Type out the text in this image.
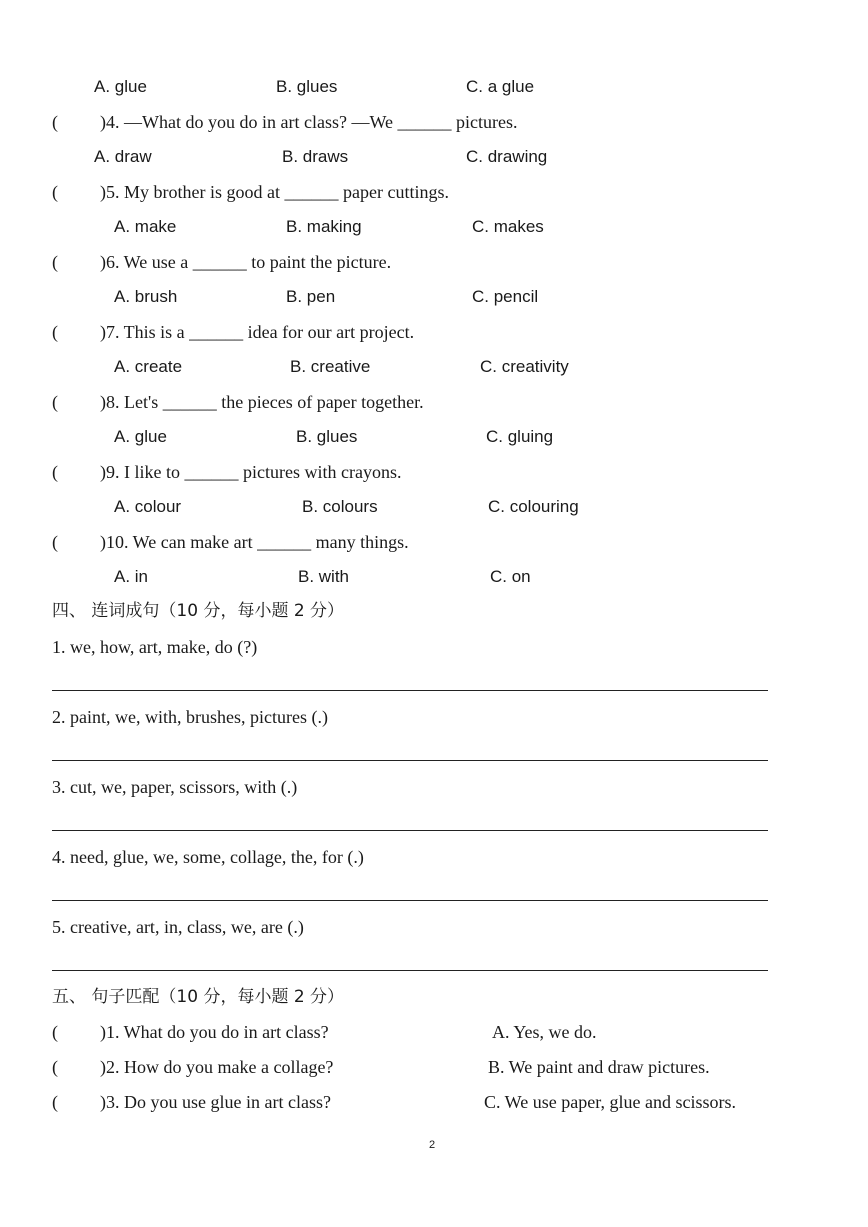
A. glue	B. glues	C. a glue
( )4. —What do you do in art class? —We ______ pictures.
A. draw	B. draws	C. drawing
( )5. My brother is good at ______ paper cuttings.
A. make	B. making	C. makes
( )6. We use a ______ to paint the picture.
A. brush	B. pen	C. pencil
( )7. This is a ______ idea for our art project.
A. create	B. creative	C. creativity
( )8. Let's ______ the pieces of paper together.
A. glue	B. glues	C. gluing
( )9. I like to ______ pictures with crayons.
A. colour	B. colours	C. colouring
( )10. We can make art ______ many things.
A. in	B. with	C. on
四、 连词成句（10 分，每小题 2 分）
1. we, how, art, make, do (?)
2. paint, we, with, brushes, pictures (.)
3. cut, we, paper, scissors, with (.)
4. need, glue, we, some, collage, the, for (.)
5. creative, art, in, class, we, are (.)
五、 句子匹配（10 分，每小题 2 分）
( )1. What do you do in art class?	A. Yes, we do.
( )2. How do you make a collage?	B. We paint and draw pictures.
( )3. Do you use glue in art class?	C. We use paper, glue and scissors.
2
